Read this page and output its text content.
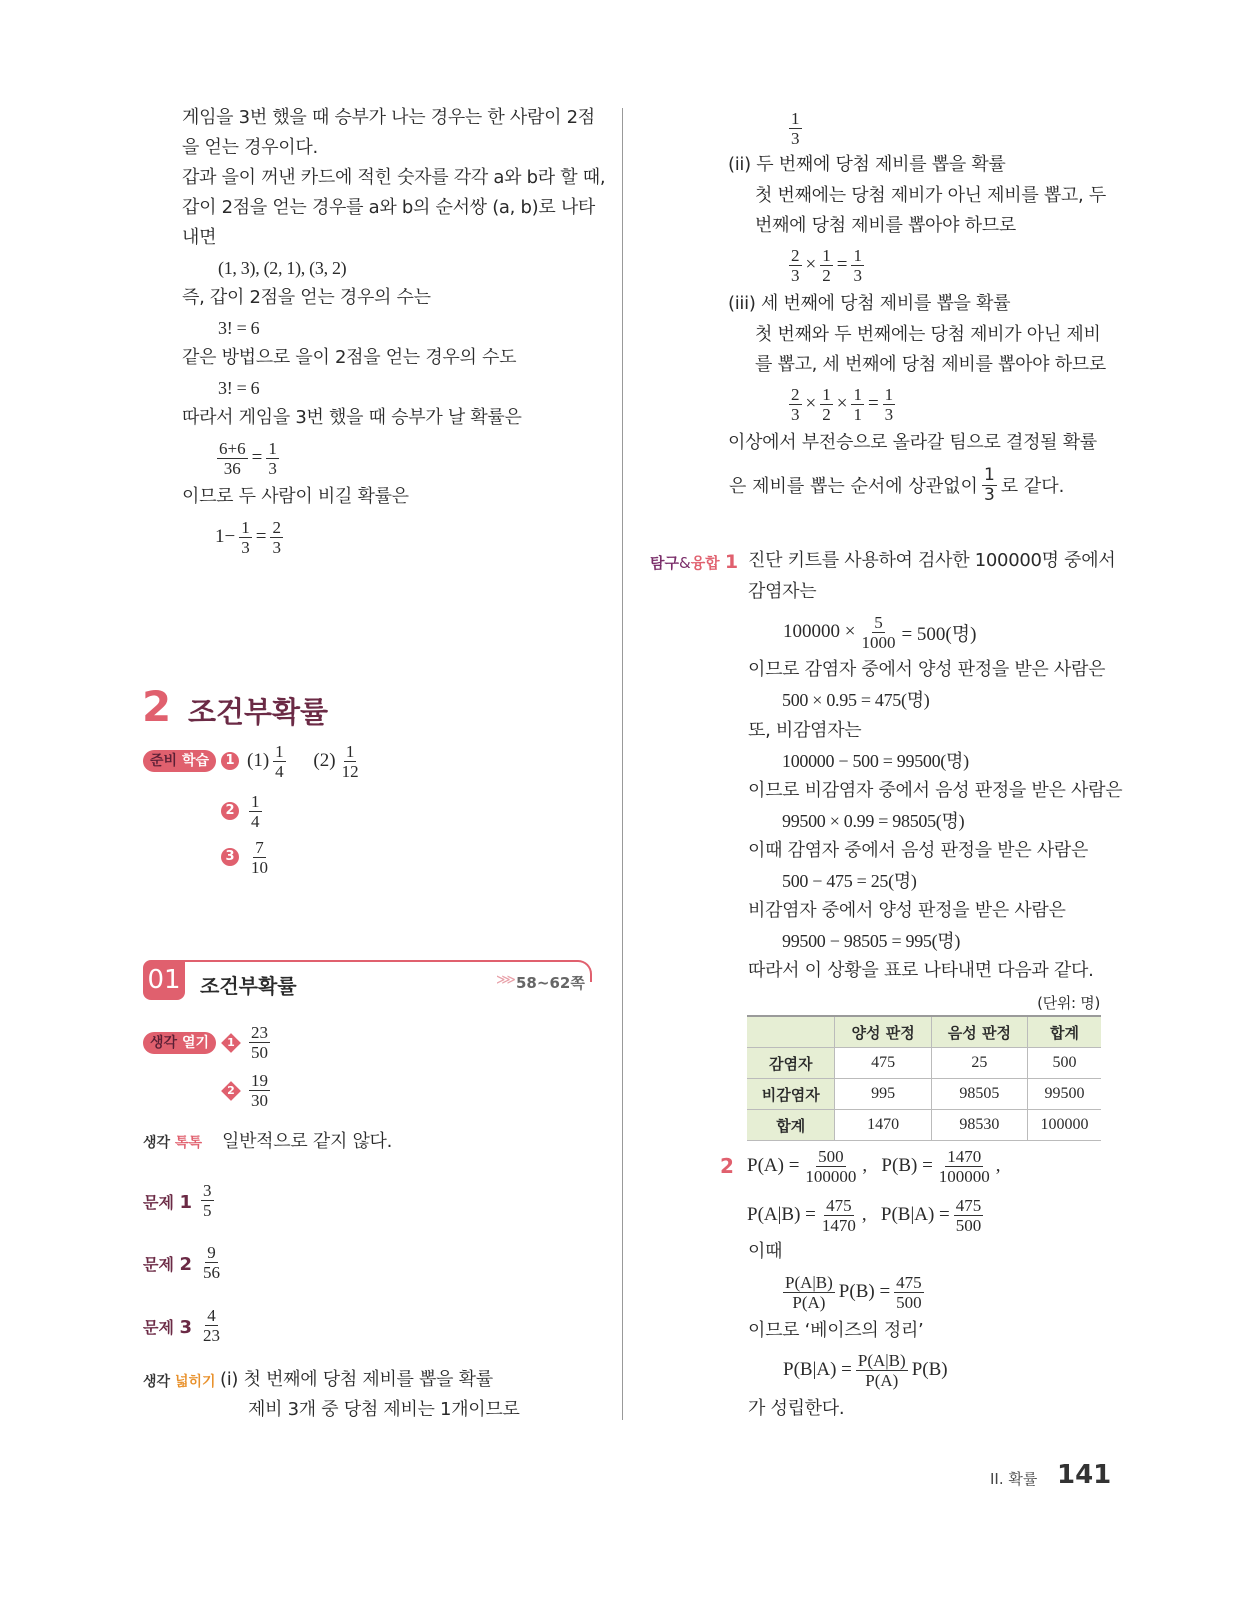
게임을 3번 했을 때 승부가 나는 경우는 한 사람이 2점
을 얻는 경우이다.
갑과 을이 꺼낸 카드에 적힌 숫자를 각각 a와 b라 할 때,
갑이 2점을 얻는 경우를 a와 b의 순서쌍 (a, b)로 나타
내면
(1, 3), (2, 1), (3, 2)
즉, 갑이 2점을 얻는 경우의 수는
3! = 6
같은 방법으로 을이 2점을 얻는 경우의 수도
3! = 6
따라서 게임을 3번 했을 때 승부가 날 확률은
$\frac{6+6}{36} = \frac{1}{3}$
이므로 두 사람이 비길 확률은
$1- \frac{1}{3} = \frac{2}{3}$
2 조건부확률
준비 학습	1 $(1) \frac{1}{4} (2) \frac{1}{12}$
$2 \frac{1}{4}$
$3 \frac{7}{10}$
01 조건부확률	⋙ 58~62쪽
생각 열기	$1 \frac{23}{50}$
$2 \frac{19}{30}$
생각 톡톡 일반적으로 같지 않다.
문제 $1 \frac{3}{5}$
문제 $2 \frac{9}{56}$
문제 $3 \frac{4}{23}$
생각 넓히기 (i) 첫 번째에 당첨 제비를 뽑을 확률
제비 3개 중 당첨 제비는 1개이므로
$\frac{1}{3}$
(ii) 두 번째에 당첨 제비를 뽑을 확률
첫 번째에는 당첨 제비가 아닌 제비를 뽑고, 두
번째에 당첨 제비를 뽑아야 하므로
$\frac{2}{3} \times \frac{1}{2} = \frac{1}{3}$
(iii) 세 번째에 당첨 제비를 뽑을 확률
첫 번째와 두 번째에는 당첨 제비가 아닌 제비
를 뽑고, 세 번째에 당첨 제비를 뽑아야 하므로
$\frac{2}{3} \times \frac{1}{2} \times \frac{1}{1} = \frac{1}{3}$
이상에서 부전승으로 올라갈 팀으로 결정될 확률
은 제비를 뽑는 순서에 상관없이 $\frac{1}{3}$ 로 같다.
탐구&융합 1 진단 키트를 사용하여 검사한 100000명 중에서
감염자는
$100000 \times \frac{5}{1000} = 500$(명)
이므로 감염자 중에서 양성 판정을 받은 사람은
500 × 0.95 = 475(명)
또, 비감염자는
100000 − 500 = 99500(명)
이므로 비감염자 중에서 음성 판정을 받은 사람은
99500 × 0.99 = 98505(명)
이때 감염자 중에서 음성 판정을 받은 사람은
500 − 475 = 25(명)
비감염자 중에서 양성 판정을 받은 사람은
99500 − 98505 = 995(명)
따라서 이 상황을 표로 나타내면 다음과 같다.
(단위: 명)
	양성 판정	음성 판정	합계
감염자	475	25	500
비감염자	995	98505	99500
합계	1470	98530	100000
2 $P(A) = \frac{500}{100000}$ ,   $P(B) = \frac{1470}{100000}$ ,
$P(A|B) = \frac{475}{1470}$ ,   $P(B|A) = \frac{475}{500}$
이때
$\frac{P(A|B)}{P(A)} P(B) = \frac{475}{500}$
이므로 ‘베이즈의 정리’
$P(B|A) = \frac{P(A|B)}{P(A)} P(B)$
가 성립한다.
II. 확률 141
